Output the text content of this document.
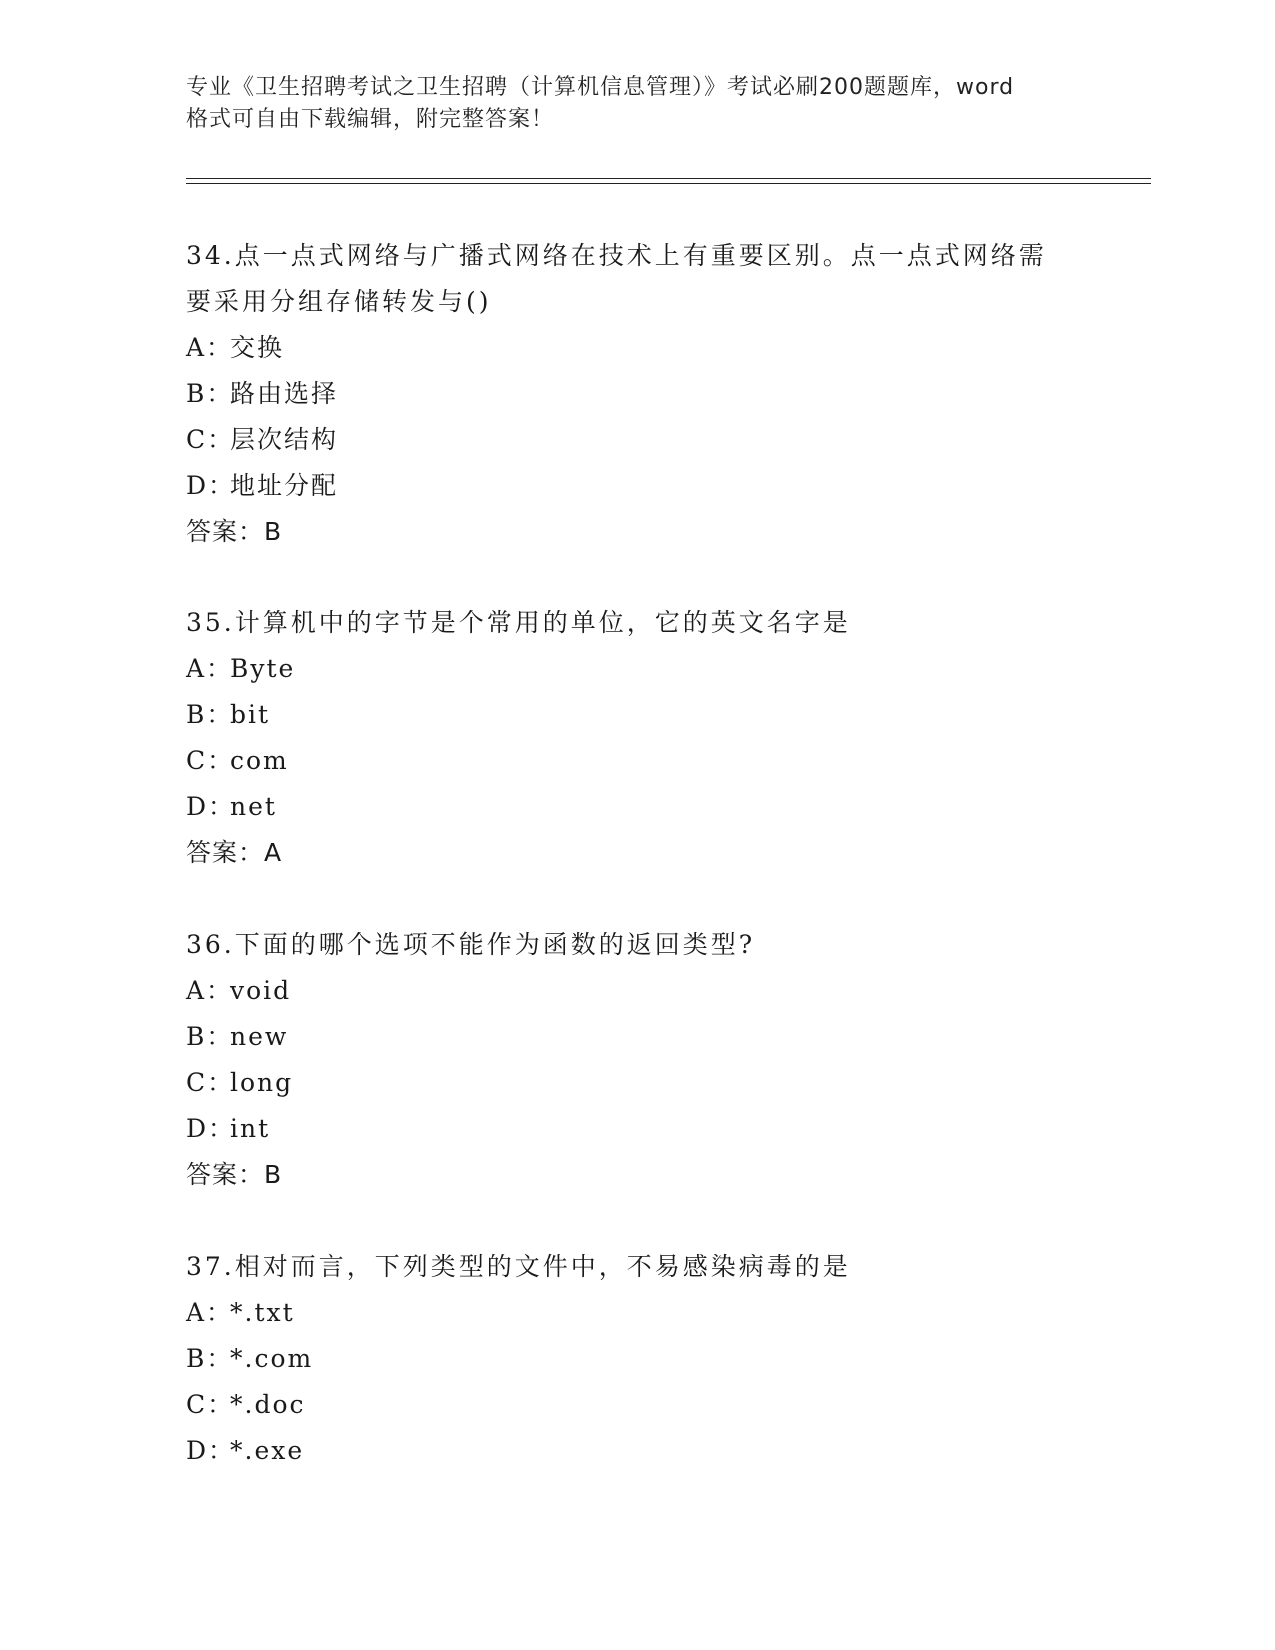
专业《卫生招聘考试之卫生招聘（计算机信息管理）》考试必刷200题题库，word
格式可自由下载编辑，附完整答案！

34.点一点式网络与广播式网络在技术上有重要区别。点一点式网络需

要采用分组存储转发与()

A：交换

B：路由选择

C：层次结构

D：地址分配

答案：B

35.计算机中的字节是个常用的单位，它的英文名字是

A：Byte

B：bit

C：com

D：net

答案：A

36.下面的哪个选项不能作为函数的返回类型?

A：void

B：new

C：long

D：int

答案：B

37.相对而言，下列类型的文件中，不易感染病毒的是

A：*.txt

B：*.com

C：*.doc

D：*.exe
